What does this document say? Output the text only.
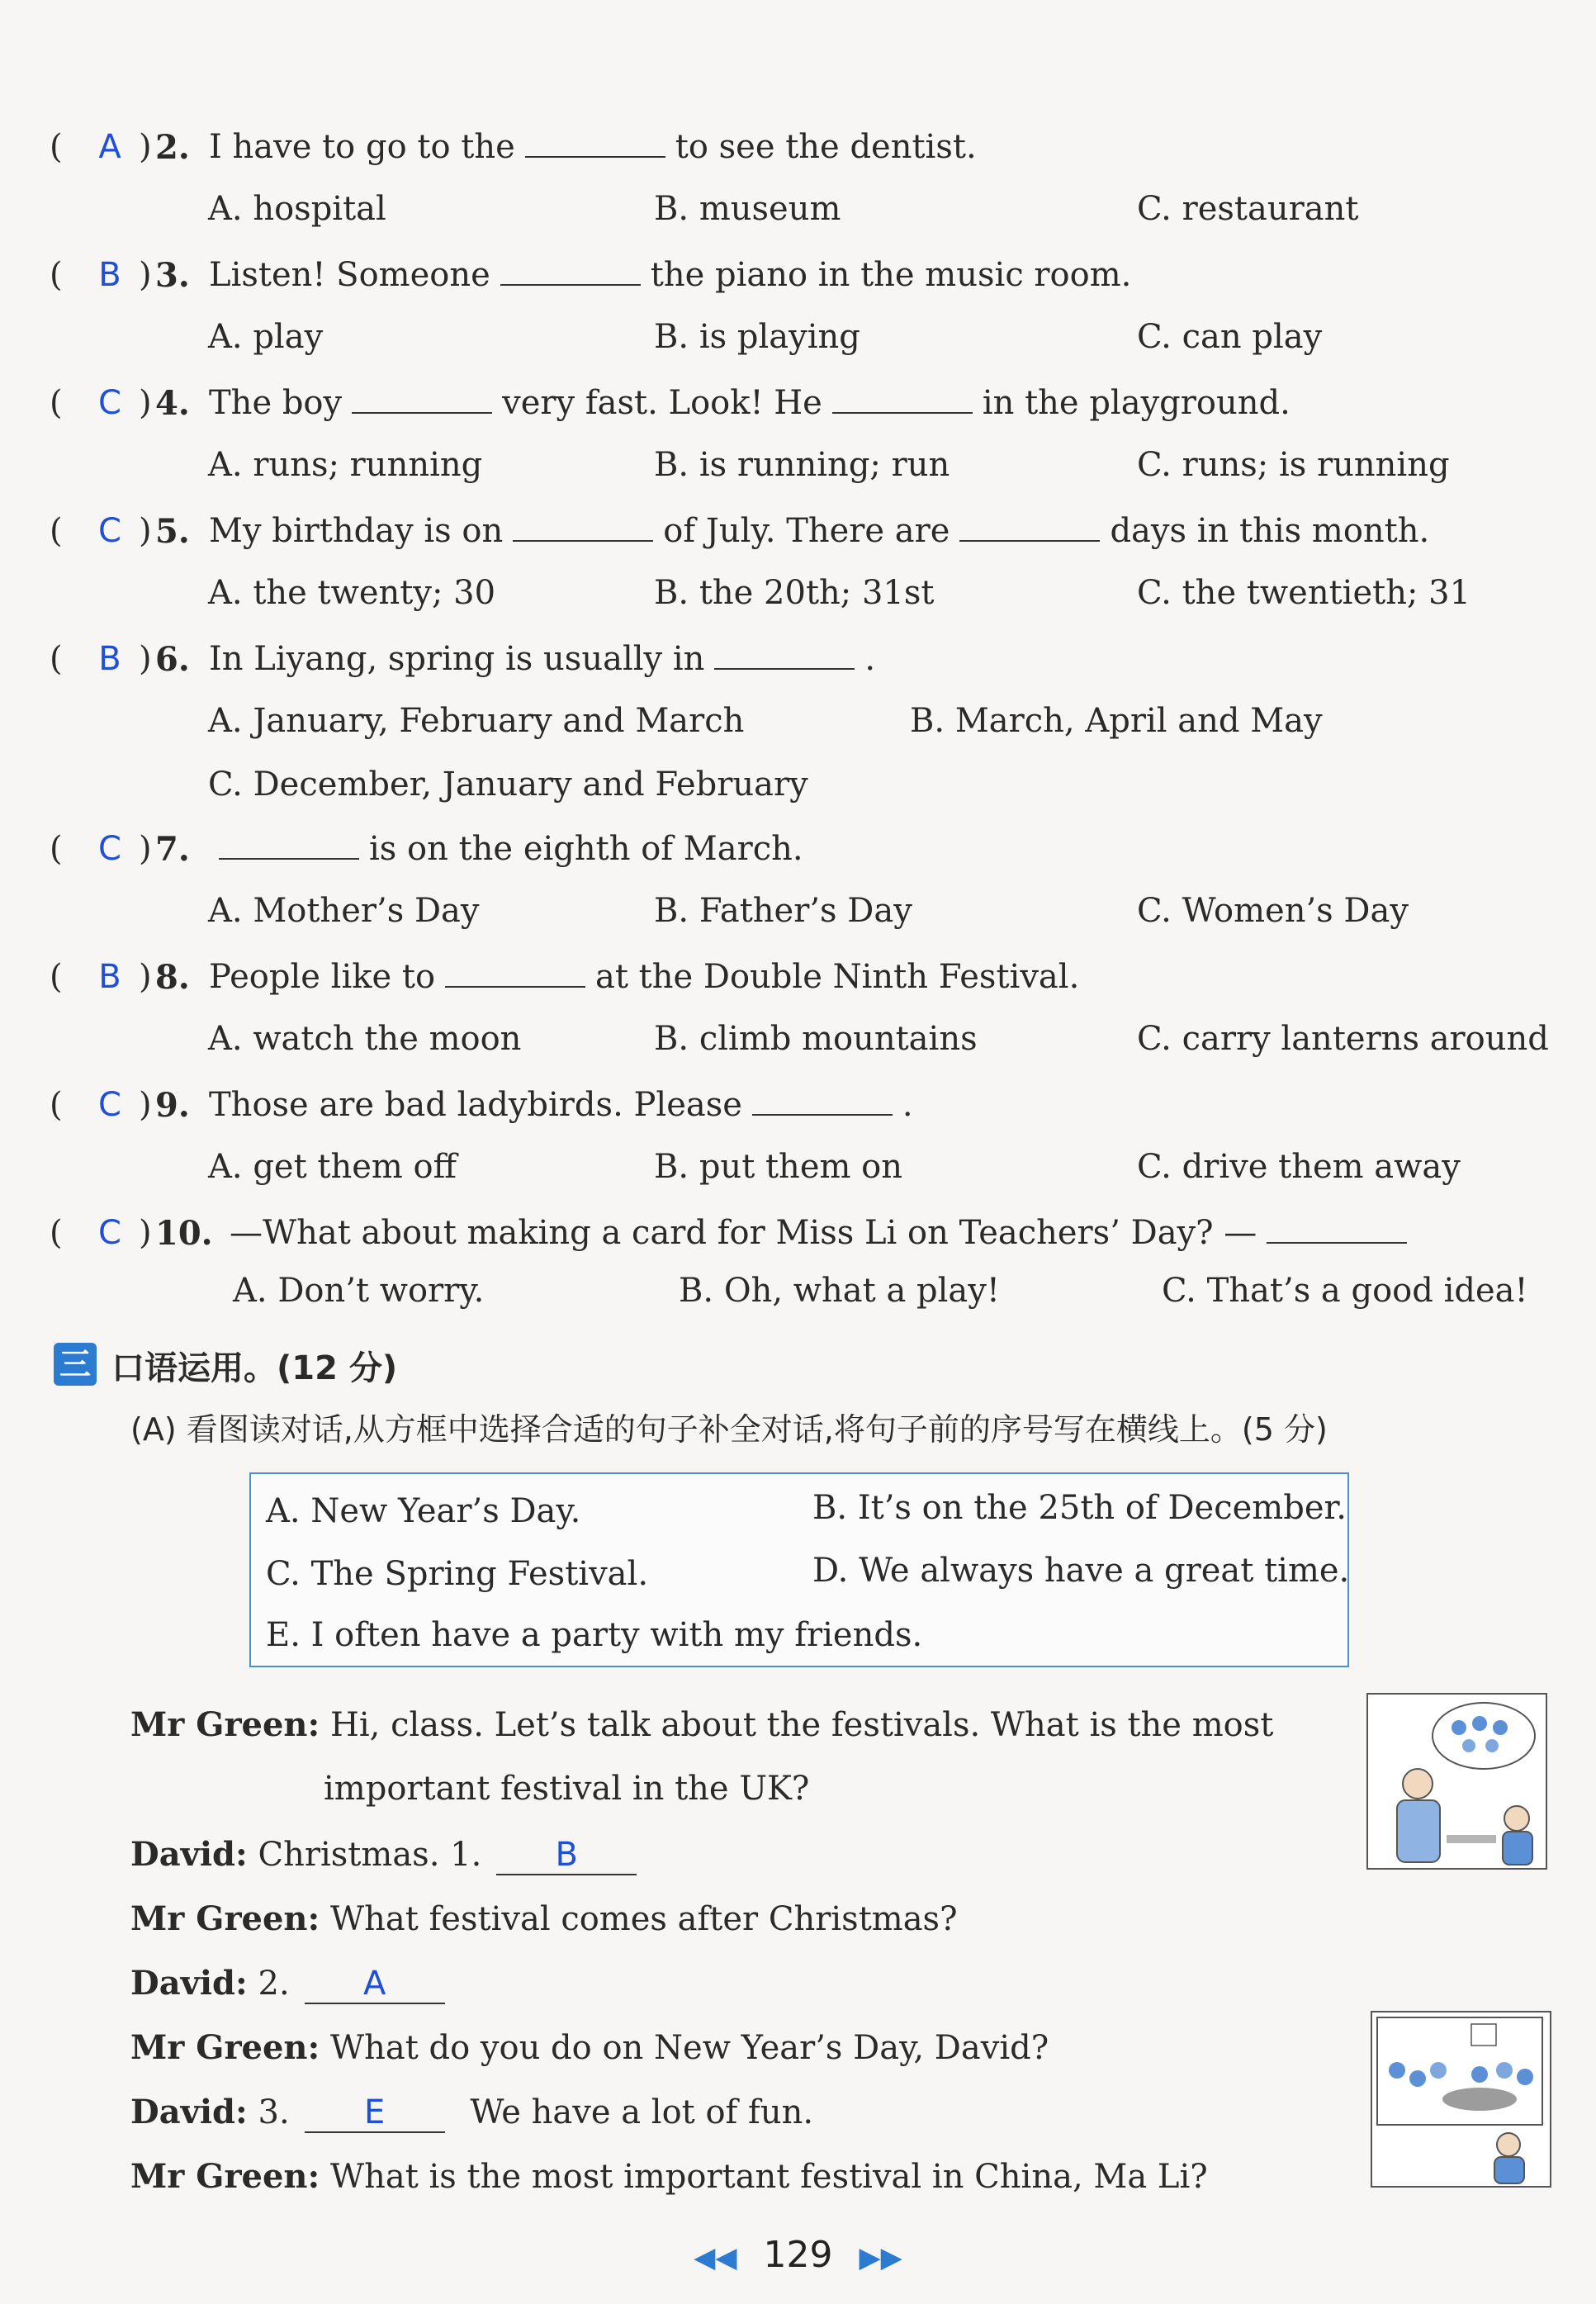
( A ) 2. I have to go to the	to see the dentist.
A. hospital	B. museum	C. restaurant
( B ) 3. Listen! Someone	the piano in the music room.
A. play	B. is playing	C. can play
( C ) 4. The boy	very fast. Look! He	in the playground.
A. runs; running	B. is running; run	C. runs; is running
( C ) 5. My birthday is on	of July. There are	days in this month.
A. the twenty; 30	B. the 20th; 31st	C. the twentieth; 31
( B ) 6. In Liyang, spring is usually in	.
A. January, February and March	B. March, April and May
C. December, January and February
( C ) 7.	is on the eighth of March.
A. Mother’s Day	B. Father’s Day	C. Women’s Day
( B ) 8. People like to	at the Double Ninth Festival.
A. watch the moon	B. climb mountains	C. carry lanterns around
( C ) 9. Those are bad ladybirds. Please	.
A. get them off	B. put them on	C. drive them away
( C ) 10. —What about making a card for Miss Li on Teachers’ Day? —
A. Don’t worry.	B. Oh, what a play!	C. That’s a good idea!
三 口语运用。(12 分)
(A) 看图读对话,从方框中选择合适的句子补全对话,将句子前的序号写在横线上。(5 分)
A. New Year’s Day.	B. It’s on the 25th of December.
C. The Spring Festival.	D. We always have a great time.
E. I often have a party with my friends.
Mr Green: Hi, class. Let’s talk about the festivals. What is the most
important festival in the UK?
David: Christmas. 1. B
Mr Green: What festival comes after Christmas?
David: 2. A
Mr Green: What do you do on New Year’s Day, David?
David: 3. E	We have a lot of fun.
Mr Green: What is the most important festival in China, Ma Li?
◀◀ 129 ▶▶
